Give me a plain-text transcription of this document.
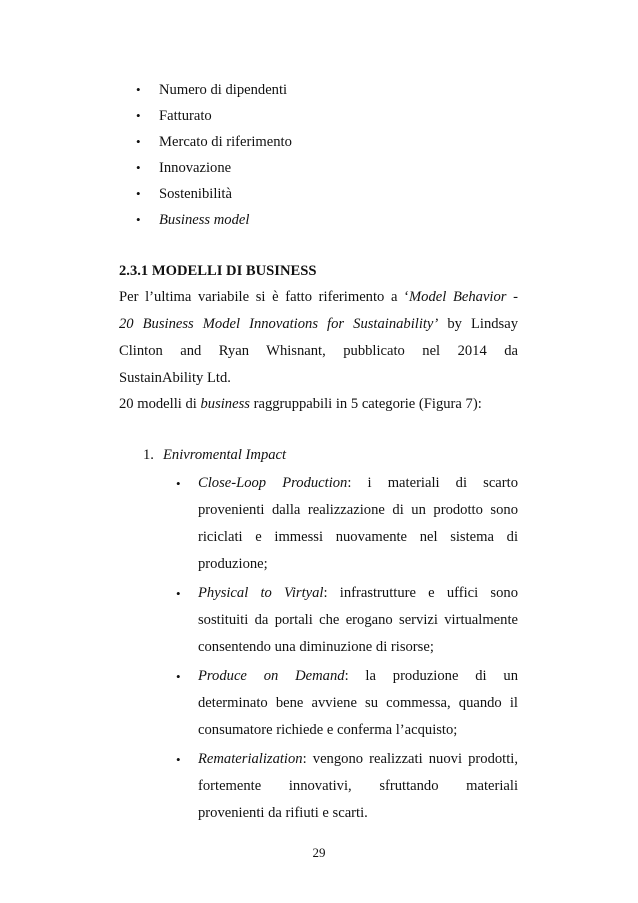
• Numero di dipendenti
• Fatturato
• Mercato di riferimento
• Innovazione
• Sostenibilità
• Business model
2.3.1 MODELLI DI BUSINESS
Per l’ultima variabile si è fatto riferimento a ‘Model Behavior -
20 Business Model Innovations for Sustainability’ by Lindsay
Clinton and Ryan Whisnant, pubblicato nel 2014 da
SustainAbility Ltd.

20 modelli di business raggruppabili in 5 categorie (Figura 7):

1. Enivromental Impact
• Close-Loop Production: i materiali di scarto
provenienti dalla realizzazione di un prodotto sono
riciclati e immessi nuovamente nel sistema di
produzione;
• Physical to Virtyal: infrastrutture e uffici sono
sostituiti da portali che erogano servizi virtualmente
consentendo una diminuzione di risorse;
• Produce on Demand: la produzione di un
determinato bene avviene su commessa, quando il
consumatore richiede e conferma l’acquisto;
• Rematerialization: vengono realizzati nuovi prodotti,
fortemente innovativi, sfruttando materiali
provenienti da rifiuti e scarti.
29
